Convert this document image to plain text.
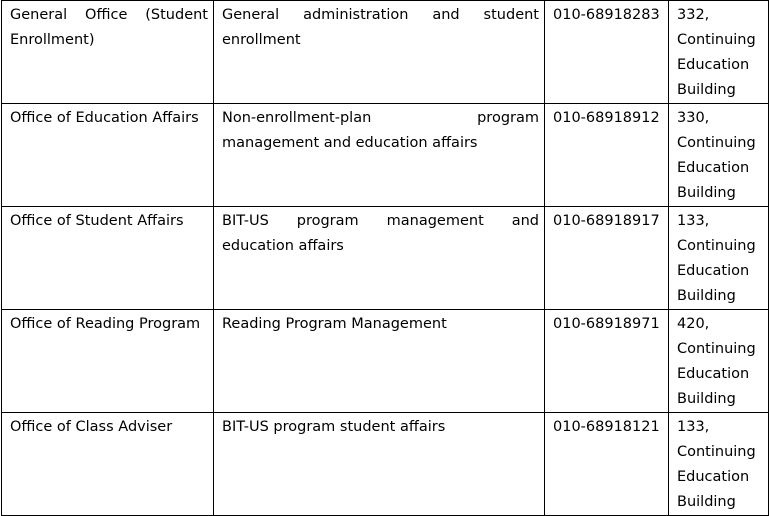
General Office (Student Enrollment)	General administration and student enrollment	010-68918283	332, Continuing Education Building
Office of Education Affairs	Non-enrollment-plan program management and education affairs	010-68918912	330, Continuing Education Building
Office of Student Affairs	BIT-US program management and education affairs	010-68918917	133, Continuing Education Building
Office of Reading Program	Reading Program Management	010-68918971	420, Continuing Education Building
Office of Class Adviser	BIT-US program student affairs	010-68918121	133, Continuing Education Building
